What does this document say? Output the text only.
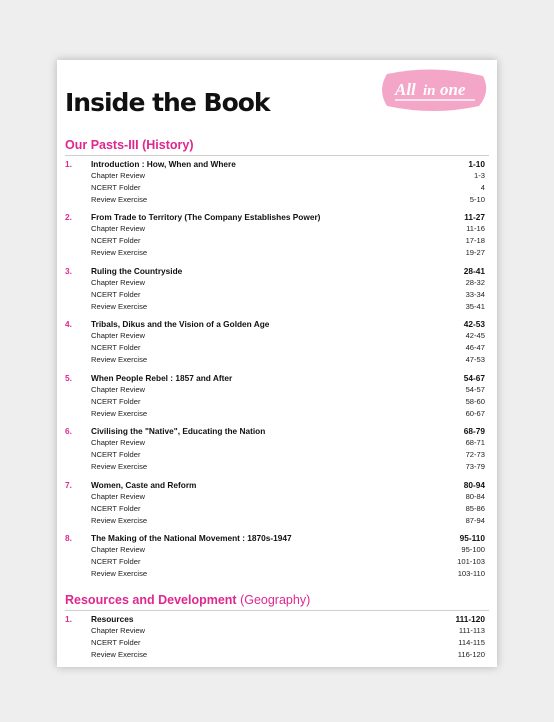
Inside the Book	All in one
Our Pasts-III (History)
1. Introduction : How, When and Where	1-10
Chapter Review	1-3
NCERT Folder	4
Review Exercise	5-10
2. From Trade to Territory (The Company Establishes Power)	11-27
Chapter Review	11-16
NCERT Folder	17-18
Review Exercise	19-27
3. Ruling the Countryside	28-41
Chapter Review	28-32
NCERT Folder	33-34
Review Exercise	35-41
4. Tribals, Dikus and the Vision of a Golden Age	42-53
Chapter Review	42-45
NCERT Folder	46-47
Review Exercise	47-53
5. When People Rebel : 1857 and After	54-67
Chapter Review	54-57
NCERT Folder	58-60
Review Exercise	60-67
6. Civilising the "Native", Educating the Nation	68-79
Chapter Review	68-71
NCERT Folder	72-73
Review Exercise	73-79
7. Women, Caste and Reform	80-94
Chapter Review	80-84
NCERT Folder	85-86
Review Exercise	87-94
8. The Making of the National Movement : 1870s-1947	95-110
Chapter Review	95-100
NCERT Folder	101-103
Review Exercise	103-110
Resources and Development (Geography)
1. Resources	111-120
Chapter Review	111-113
NCERT Folder	114-115
Review Exercise	116-120
